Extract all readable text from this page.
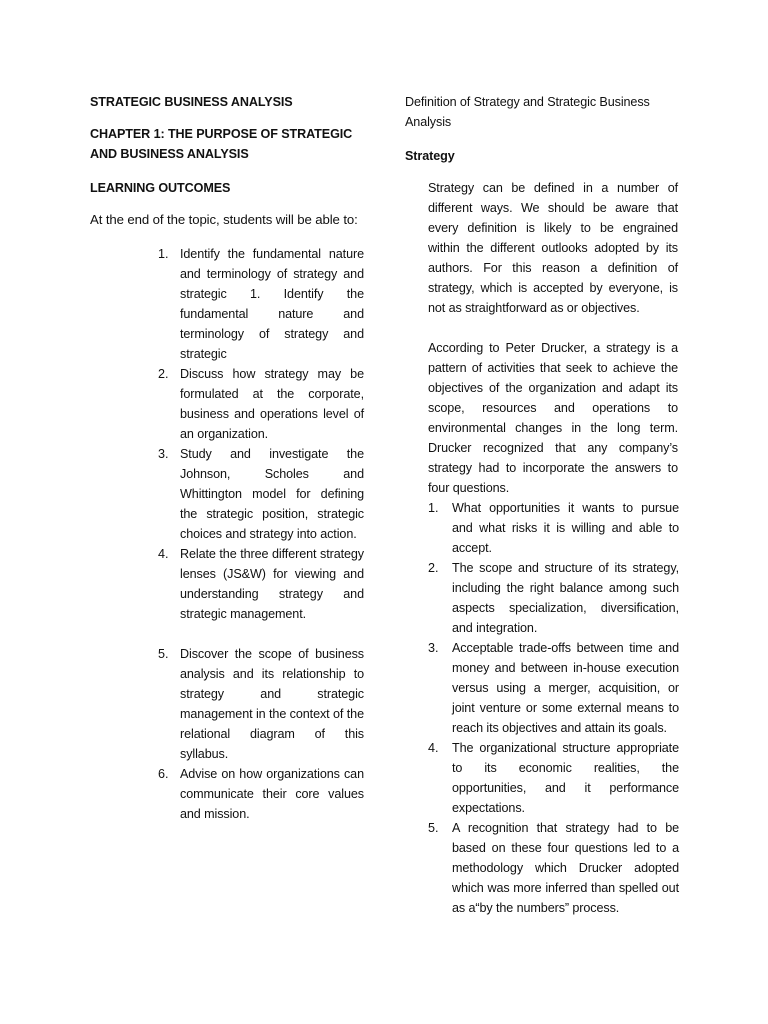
STRATEGIC BUSINESS ANALYSIS
CHAPTER 1: THE PURPOSE OF STRATEGIC AND BUSINESS ANALYSIS
LEARNING OUTCOMES
At the end of the topic, students will be able to:
1. Identify the fundamental nature and terminology of strategy and strategic 1. Identify the fundamental nature and terminology of strategy and strategic
2. Discuss how strategy may be formulated at the corporate, business and operations level of an organization.
3. Study and investigate the Johnson, Scholes and Whittington model for defining the strategic position, strategic choices and strategy into action.
4. Relate the three different strategy lenses (JS&W) for viewing and understanding strategy and strategic management.
5. Discover the scope of business analysis and its relationship to strategy and strategic management in the context of the relational diagram of this syllabus.
6. Advise on how organizations can communicate their core values and mission.
Definition of Strategy and Strategic Business Analysis
Strategy
Strategy can be defined in a number of different ways. We should be aware that every definition is likely to be engrained within the different outlooks adopted by its authors. For this reason a definition of strategy, which is accepted by everyone, is not as straightforward as or objectives.
According to Peter Drucker, a strategy is a pattern of activities that seek to achieve the objectives of the organization and adapt its scope, resources and operations to environmental changes in the long term. Drucker recognized that any company’s strategy had to incorporate the answers to four questions.
1. What opportunities it wants to pursue and what risks it is willing and able to accept.
2. The scope and structure of its strategy, including the right balance among such aspects specialization, diversification, and integration.
3. Acceptable trade-offs between time and money and between in-house execution versus using a merger, acquisition, or joint venture or some external means to reach its objectives and attain its goals.
4. The organizational structure appropriate to its economic realities, the opportunities, and it performance expectations.
5. A recognition that strategy had to be based on these four questions led to a methodology which Drucker adopted which was more inferred than spelled out as a“by the numbers” process.
